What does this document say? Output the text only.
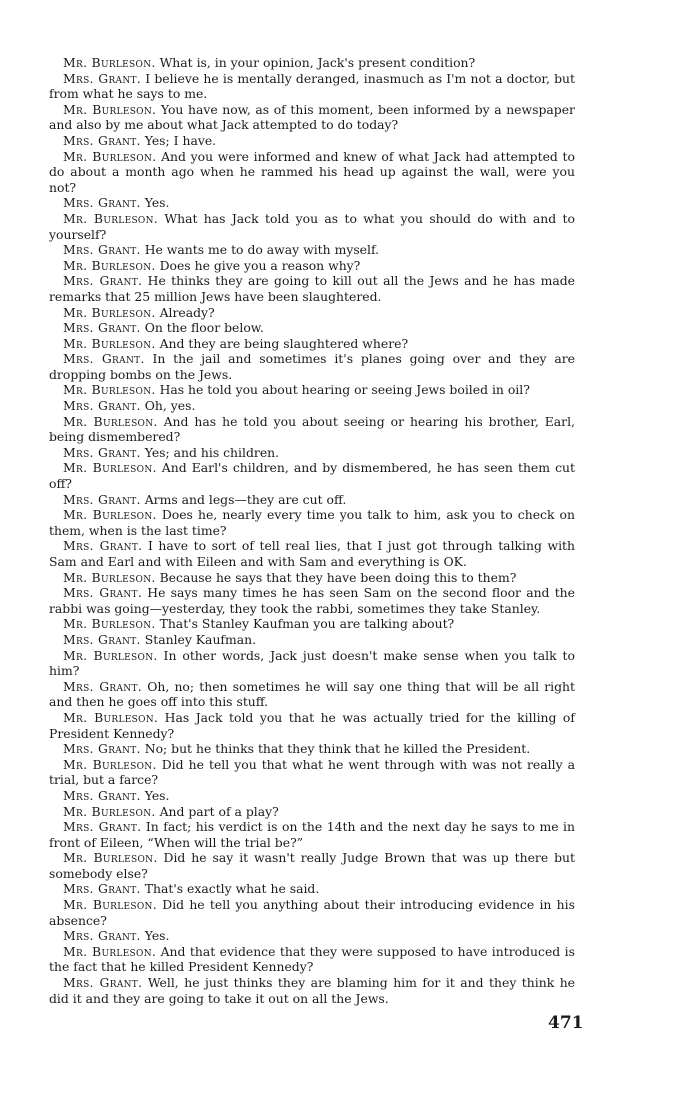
Mr. Burleson. What is, in your opinion, Jack's present condition?

Mrs. Grant. I believe he is mentally deranged, inasmuch as I'm not a doctor, but from what he says to me.

Mr. Burleson. You have now, as of this moment, been informed by a newspaper and also by me about what Jack attempted to do today?

Mrs. Grant. Yes; I have.

Mr. Burleson. And you were informed and knew of what Jack had attempted to do about a month ago when he rammed his head up against the wall, were you not?

Mrs. Grant. Yes.

Mr. Burleson. What has Jack told you as to what you should do with and to yourself?

Mrs. Grant. He wants me to do away with myself.

Mr. Burleson. Does he give you a reason why?

Mrs. Grant. He thinks they are going to kill out all the Jews and he has made remarks that 25 million Jews have been slaughtered.

Mr. Burleson. Already?

Mrs. Grant. On the floor below.

Mr. Burleson. And they are being slaughtered where?

Mrs. Grant. In the jail and sometimes it's planes going over and they are dropping bombs on the Jews.

Mr. Burleson. Has he told you about hearing or seeing Jews boiled in oil?

Mrs. Grant. Oh, yes.

Mr. Burleson. And has he told you about seeing or hearing his brother, Earl, being dismembered?

Mrs. Grant. Yes; and his children.

Mr. Burleson. And Earl's children, and by dismembered, he has seen them cut off?

Mrs. Grant. Arms and legs—they are cut off.

Mr. Burleson. Does he, nearly every time you talk to him, ask you to check on them, when is the last time?

Mrs. Grant. I have to sort of tell real lies, that I just got through talking with Sam and Earl and with Eileen and with Sam and everything is OK.

Mr. Burleson. Because he says that they have been doing this to them?

Mrs. Grant. He says many times he has seen Sam on the second floor and the rabbi was going—yesterday, they took the rabbi, sometimes they take Stanley.

Mr. Burleson. That's Stanley Kaufman you are talking about?

Mrs. Grant. Stanley Kaufman.

Mr. Burleson. In other words, Jack just doesn't make sense when you talk to him?

Mrs. Grant. Oh, no; then sometimes he will say one thing that will be all right and then he goes off into this stuff.

Mr. Burleson. Has Jack told you that he was actually tried for the killing of President Kennedy?

Mrs. Grant. No; but he thinks that they think that he killed the President.

Mr. Burleson. Did he tell you that what he went through with was not really a trial, but a farce?

Mrs. Grant. Yes.

Mr. Burleson. And part of a play?

Mrs. Grant. In fact; his verdict is on the 14th and the next day he says to me in front of Eileen, “When will the trial be?”

Mr. Burleson. Did he say it wasn't really Judge Brown that was up there but somebody else?

Mrs. Grant. That's exactly what he said.

Mr. Burleson. Did he tell you anything about their introducing evidence in his absence?

Mrs. Grant. Yes.

Mr. Burleson. And that evidence that they were supposed to have introduced is the fact that he killed President Kennedy?

Mrs. Grant. Well, he just thinks they are blaming him for it and they think he did it and they are going to take it out on all the Jews.

471
